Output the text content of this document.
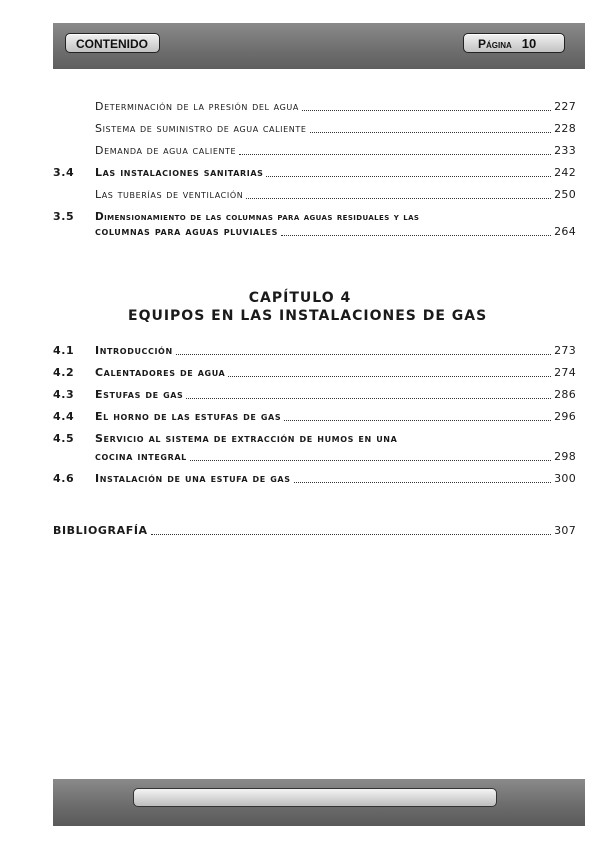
CONTENIDO	Página 10
Determinación de la presión del agua	227
Sistema de suministro de agua caliente	228
Demanda de agua caliente	233
3.4	Las instalaciones sanitarias	242
Las tuberías de ventilación	250
3.5	Dimensionamiento de las columnas para aguas residuales y las
columnas para aguas pluviales	264
CAPÍTULO 4
EQUIPOS EN LAS INSTALACIONES DE GAS
4.1	Introducción	273
4.2	Calentadores de agua	274
4.3	Estufas de gas	286
4.4	El horno de las estufas de gas	296
4.5	Servicio al sistema de extracción de humos en una
cocina integral	298
4.6	Instalación de una estufa de gas	300
BIBLIOGRAFÍA	307
